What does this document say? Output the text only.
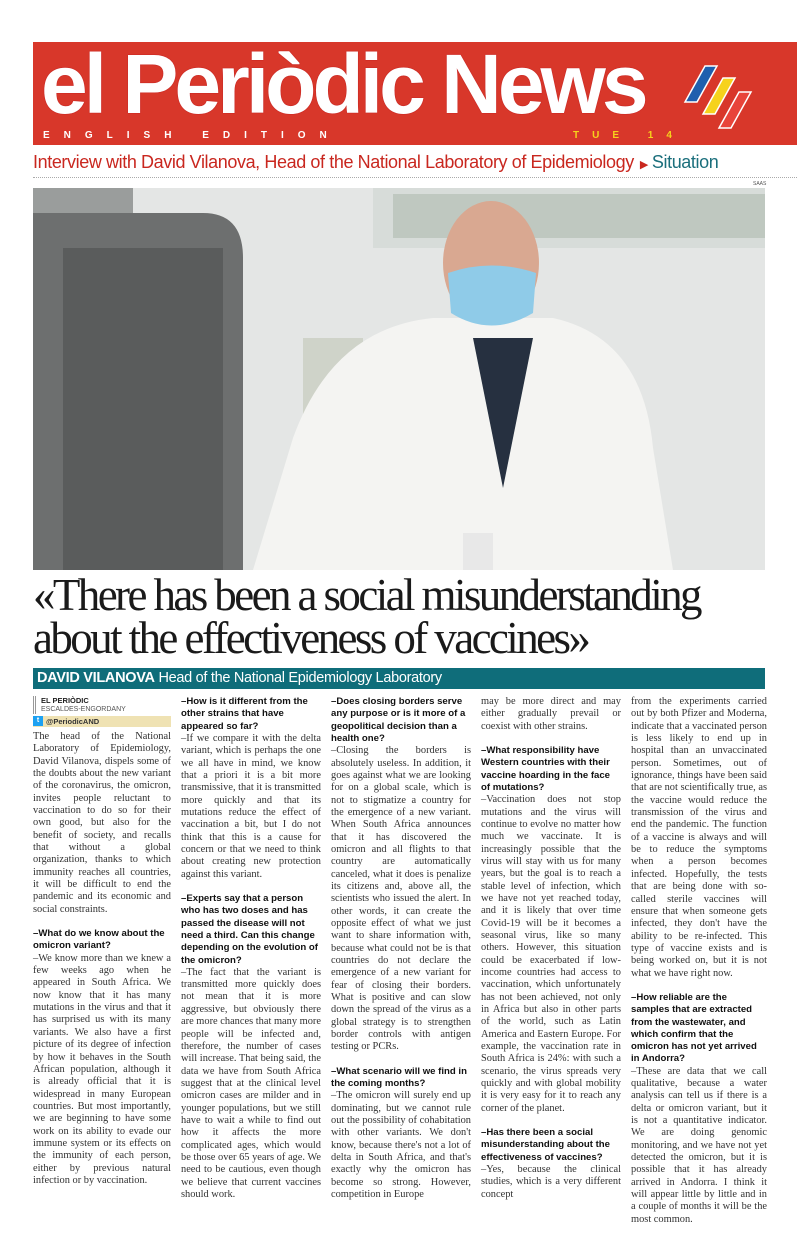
el Periòdic News
ENGLISH EDITION	TUE 14
Interview with David Vilanova, Head of the National Laboratory of Epidemiology ▶ Situation
SAAS
«There has been a social misunderstanding about the effectiveness of vaccines»
DAVID VILANOVA Head of the National Epidemiology Laboratory
EL PERIÒDIC
ESCALDES-ENGORDANY
t @PeriodicAND

The head of the National Laboratory of Epidemiology, David Vilanova, dispels some of the doubts about the new variant of the coronavirus, the omicron, invites people reluctant to vaccination to do so for their own good, but also for the benefit of society, and recalls that without a global organization, thanks to which immunity reaches all countries, it will be difficult to end the pandemic and its economic and social constraints.

–What do we know about the omicron variant?

–We know more than we knew a few weeks ago when he appeared in South Africa. We now know that it has many mutations in the virus and that it has surprised us with its many variants. We also have a first picture of its degree of infection by how it behaves in the South African population, although it is already official that it is widespread in many European countries. But most importantly, we are beginning to have some work on its ability to evade our immune system or its effects on the immunity of each person, either by previous natural infection or by vaccination.

–How is it different from the other strains that have appeared so far?

–If we compare it with the delta variant, which is perhaps the one we all have in mind, we know that a priori it is a bit more transmissive, that it is transmitted more quickly and that its mutations reduce the effect of vaccination a bit, but I do not think that this is a cause for concern or that we need to think about creating new protection against this variant.

–Experts say that a person who has two doses and has passed the disease will not need a third. Can this change depending on the evolution of the omicron?

–The fact that the variant is transmitted more quickly does not mean that it is more aggressive, but obviously there are more chances that many more people will be infected and, therefore, the number of cases will increase. That being said, the data we have from South Africa suggest that at the clinical level omicron cases are milder and in younger populations, but we still have to wait a while to find out how it affects the more complicated ages, which would be those over 65 years of age. We need to be cautious, even though we believe that current vaccines should work.

–Does closing borders serve any purpose or is it more of a geopolitical decision than a health one?

–Closing the borders is absolutely useless. In addition, it goes against what we are looking for on a global scale, which is not to stigmatize a country for the emergence of a new variant. When South Africa announces that it has discovered the omicron and all flights to that country are automatically canceled, what it does is penalize its citizens and, above all, the scientists who issued the alert. In other words, it can create the opposite effect of what we just want to share information with, because what could not be is that countries do not declare the emergence of a new variant for fear of closing their borders. What is positive and can slow down the spread of the virus as a global strategy is to strengthen border controls with antigen testing or PCRs.

–What scenario will we find in the coming months?

–The omicron will surely end up dominating, but we cannot rule out the possibility of cohabitation with other variants. We don't know, because there's not a lot of delta in South Africa, and that's exactly why the omicron has become so strong. However, competition in Europe

may be more direct and may either gradually prevail or coexist with other strains.

–What responsibility have Western countries with their vaccine hoarding in the face of mutations?

–Vaccination does not stop mutations and the virus will continue to evolve no matter how much we vaccinate. It is increasingly possible that the virus will stay with us for many years, but the goal is to reach a stable level of infection, which we have not yet reached today, and it is likely that over time Covid-19 will be it becomes a seasonal virus, like so many others. However, this situation could be exacerbated if low-income countries had access to vaccination, which unfortunately has not been achieved, not only in Africa but also in other parts of the world, such as Latin America and Eastern Europe. For example, the vaccination rate in South Africa is 24%: with such a scenario, the virus spreads very quickly and with global mobility it is very easy for it to reach any corner of the planet.

–Has there been a social misunderstanding about the effectiveness of vaccines?

–Yes, because the clinical studies, which is a very different concept

from the experiments carried out by both Pfizer and Moderna, indicate that a vaccinated person is less likely to end up in hospital than an unvaccinated person. Sometimes, out of ignorance, things have been said that are not scientifically true, as the vaccine would reduce the transmission of the virus and end the pandemic. The function of a vaccine is always and will be to reduce the symptoms when a person becomes infected. Hopefully, the tests that are being done with so-called sterile vaccines will ensure that when someone gets infected, they don't have the ability to be re-infected. This type of vaccine exists and is being worked on, but it is not what we have right now.

–How reliable are the samples that are extracted from the wastewater, and which confirm that the omicron has not yet arrived in Andorra?

–These are data that we call qualitative, because a water analysis can tell us if there is a delta or omicron variant, but it is not a quantitative indicator. We are doing genomic monitoring, and we have not yet detected the omicron, but it is possible that it has already arrived in Andorra. I think it will appear little by little and in a couple of months it will be the most common.
